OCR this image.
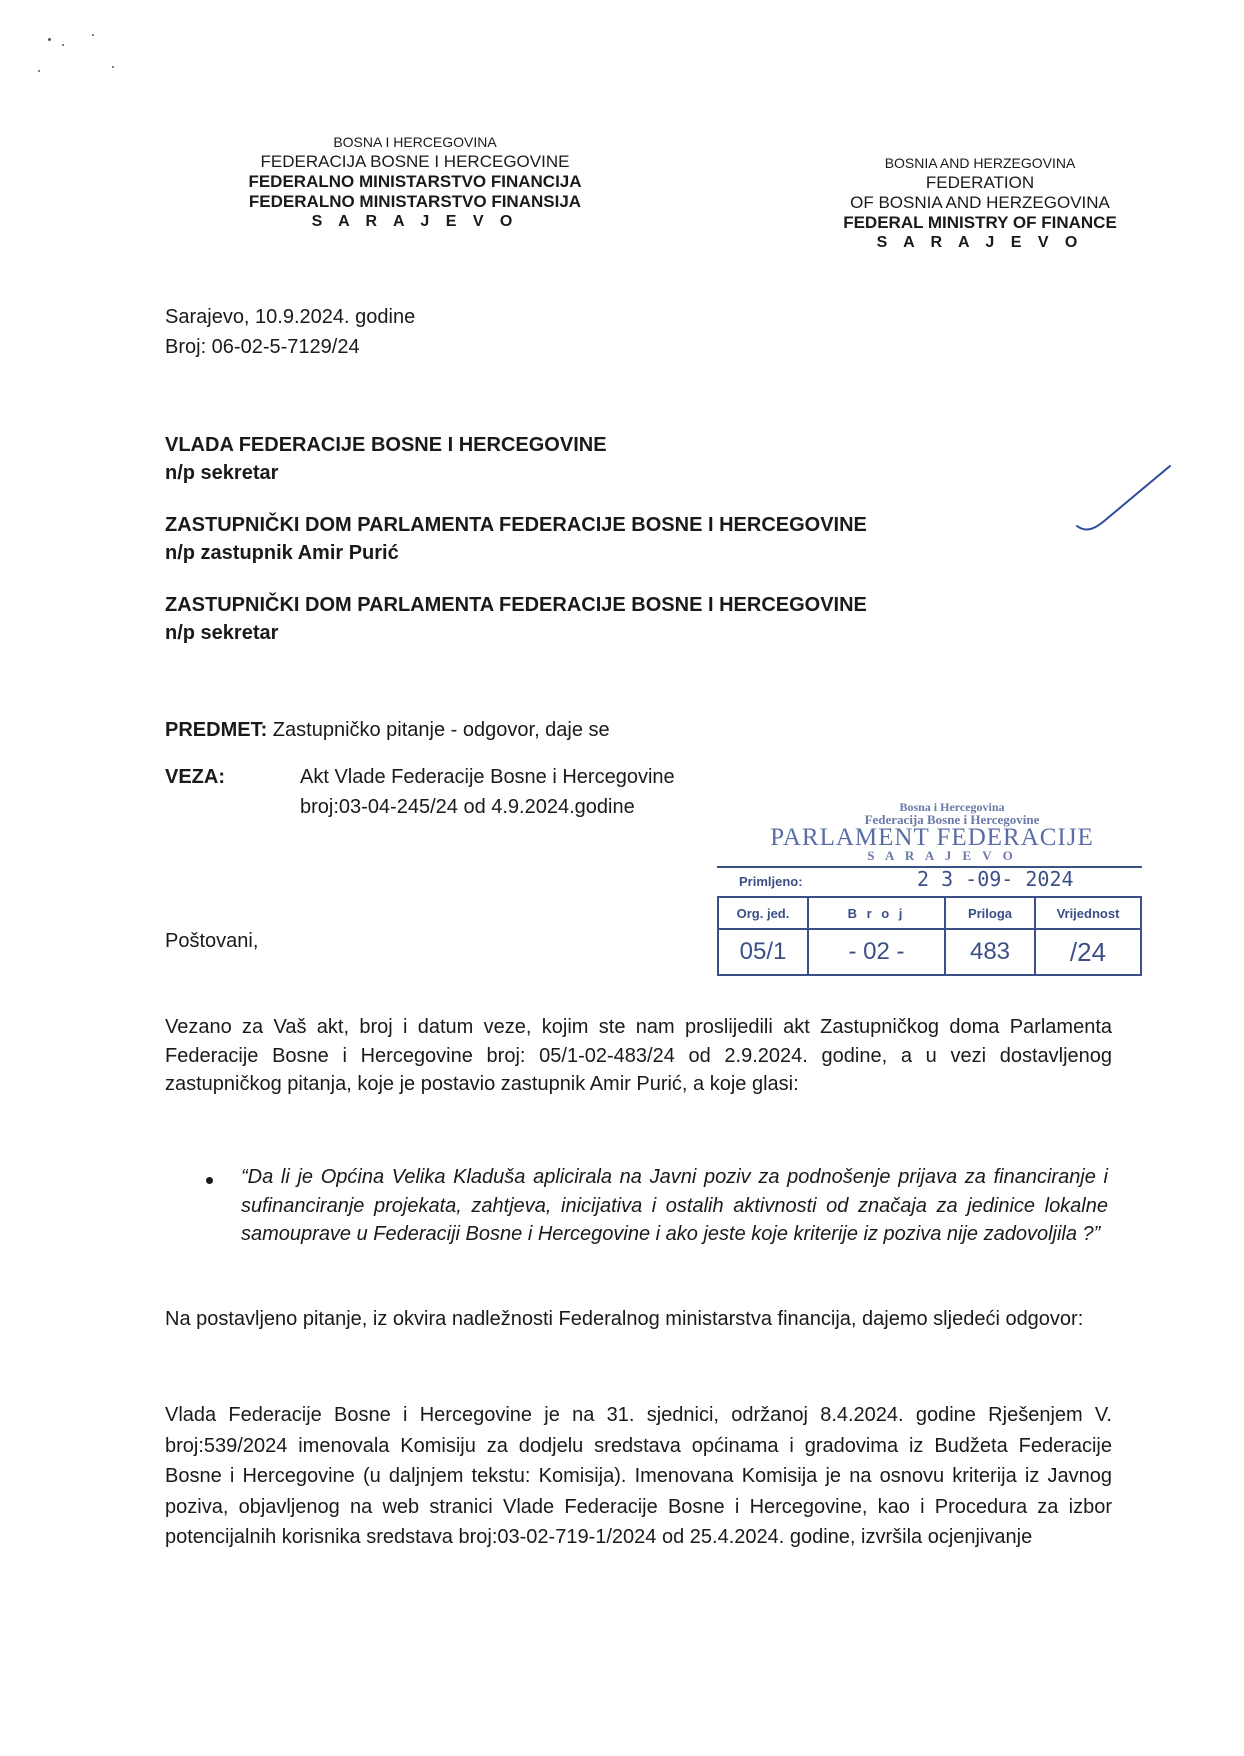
BOSNA I HERCEGOVINA
FEDERACIJA BOSNE I HERCEGOVINE
FEDERALNO MINISTARSTVO FINANCIJA
FEDERALNO MINISTARSTVO FINANSIJA
S A R A J E V O
BOSNIA AND HERZEGOVINA
FEDERATION
OF BOSNIA AND HERZEGOVINA
FEDERAL MINISTRY OF FINANCE
S A R A J E V O
Sarajevo, 10.9.2024. godine
Broj: 06-02-5-7129/24
VLADA FEDERACIJE BOSNE I HERCEGOVINE
n/p sekretar
ZASTUPNIČKI DOM PARLAMENTA FEDERACIJE BOSNE I HERCEGOVINE
n/p zastupnik Amir Purić
ZASTUPNIČKI DOM PARLAMENTA FEDERACIJE BOSNE I HERCEGOVINE
n/p sekretar
PREDMET: Zastupničko pitanje - odgovor, daje se
VEZA:	Akt Vlade Federacije Bosne i Hercegovine
broj:03-04-245/24 od 4.9.2024.godine	Bosna i Hercegovina
Federacija Bosne i Hercegovine
PARLAMENT FEDERACIJE
S A R A J E V O
Primljeno:	2 3 -09- 2024
Org. jed.	B r o j	Priloga	Vrijednost
05/1	- 02 -	483	/24
Poštovani,
Vezano za Vaš akt, broj i datum veze, kojim ste nam proslijedili akt Zastupničkog doma Parlamenta Federacije Bosne i Hercegovine broj: 05/1-02-483/24 od 2.9.2024. godine, a u vezi dostavljenog zastupničkog pitanja, koje je postavio zastupnik Amir Purić, a koje glasi:
“Da li je Općina Velika Kladuša aplicirala na Javni poziv za podnošenje prijava za financiranje i sufinanciranje projekata, zahtjeva, inicijativa i ostalih aktivnosti od značaja za jedinice lokalne samouprave u Federaciji Bosne i Hercegovine i ako jeste koje kriterije iz poziva nije zadovoljila ?”
Na postavljeno pitanje, iz okvira nadležnosti Federalnog ministarstva financija, dajemo sljedeći odgovor:
Vlada Federacije Bosne i Hercegovine je na 31. sjednici, održanoj 8.4.2024. godine Rješenjem V. broj:539/2024 imenovala Komisiju za dodjelu sredstava općinama i gradovima iz Budžeta Federacije Bosne i Hercegovine (u daljnjem tekstu: Komisija). Imenovana Komisija je na osnovu kriterija iz Javnog poziva, objavljenog na web stranici Vlade Federacije Bosne i Hercegovine, kao i Procedura za izbor potencijalnih korisnika sredstava broj:03-02-719-1/2024 od 25.4.2024. godine, izvršila ocjenjivanje
